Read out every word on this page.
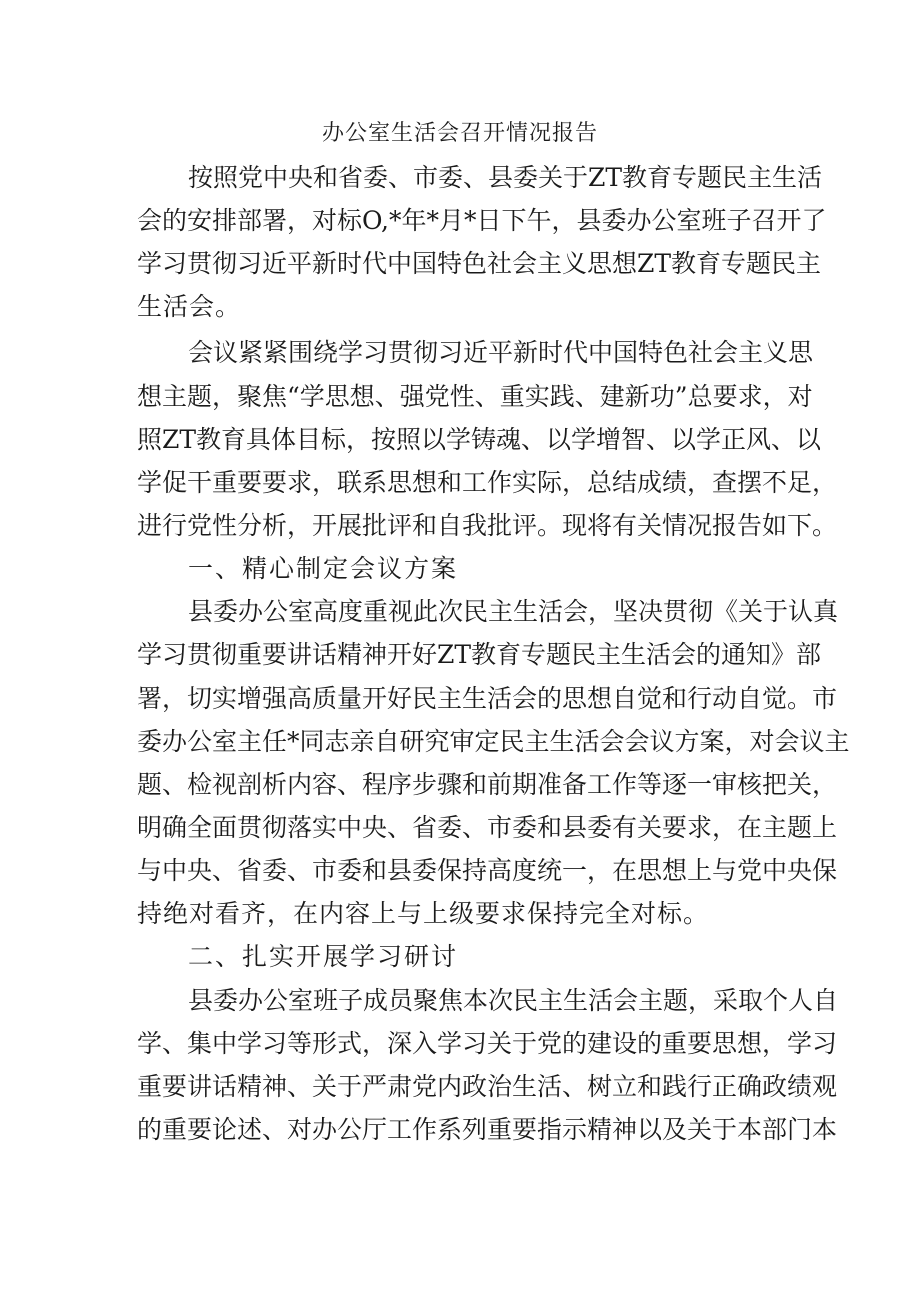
办公室生活会召开情况报告
按照党中央和省委、市委、县委关于ZT教育专题民主生活
会的安排部署，对标O,*年*月*日下午，县委办公室班子召开了
学习贯彻习近平新时代中国特色社会主义思想ZT教育专题民主
生活会。
会议紧紧围绕学习贯彻习近平新时代中国特色社会主义思
想主题，聚焦“学思想、强党性、重实践、建新功”总要求，对
照ZT教育具体目标，按照以学铸魂、以学增智、以学正风、以
学促干重要要求，联系思想和工作实际，总结成绩，查摆不足，
进行党性分析，开展批评和自我批评。现将有关情况报告如下。
一、精心制定会议方案
县委办公室高度重视此次民主生活会，坚决贯彻《关于认真
学习贯彻重要讲话精神开好ZT教育专题民主生活会的通知》部
署，切实增强高质量开好民主生活会的思想自觉和行动自觉。市
委办公室主任*同志亲自研究审定民主生活会会议方案，对会议主
题、检视剖析内容、程序步骤和前期准备工作等逐一审核把关，
明确全面贯彻落实中央、省委、市委和县委有关要求，在主题上
与中央、省委、市委和县委保持高度统一，在思想上与党中央保
持绝对看齐，在内容上与上级要求保持完全对标。
二、扎实开展学习研讨
县委办公室班子成员聚焦本次民主生活会主题，采取个人自
学、集中学习等形式，深入学习关于党的建设的重要思想，学习
重要讲话精神、关于严肃党内政治生活、树立和践行正确政绩观
的重要论述、对办公厅工作系列重要指示精神以及关于本部门本
